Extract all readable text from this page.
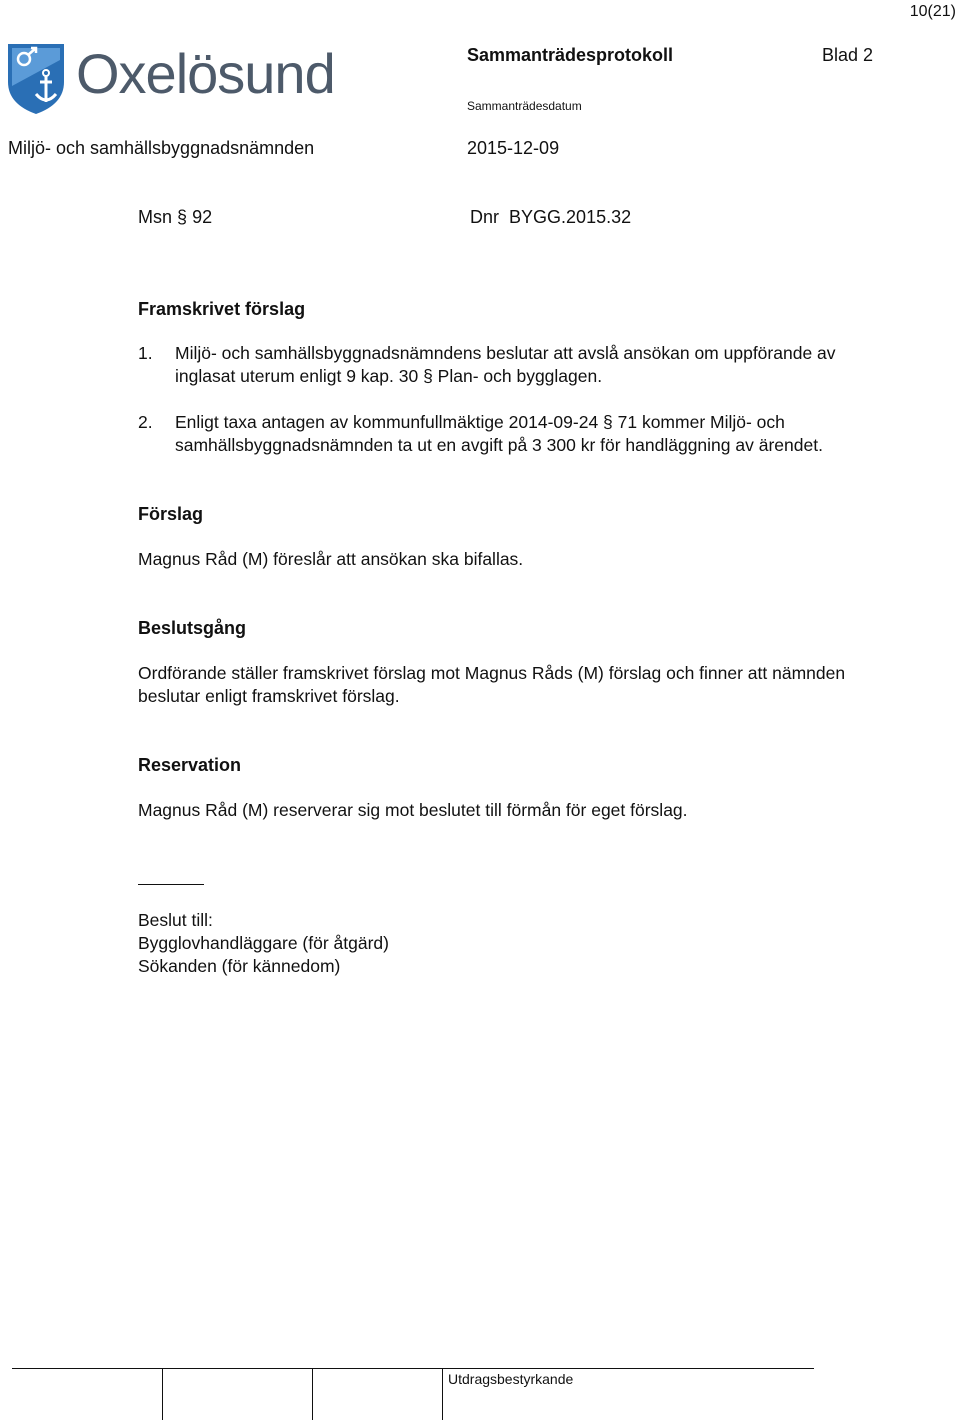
10(21)
Oxelösund	Sammanträdesprotokoll	Blad 2
Sammanträdesdatum
Miljö- och samhällsbyggnadsnämnden	2015-12-09
Msn § 92	Dnr BYGG.2015.32
Framskrivet förslag
1. Miljö- och samhällsbyggnadsnämndens beslutar att avslå ansökan om uppförande av inglasat uterum enligt 9 kap. 30 § Plan- och bygglagen.
2. Enligt taxa antagen av kommunfullmäktige 2014-09-24 § 71 kommer Miljö- och samhällsbyggnadsnämnden ta ut en avgift på 3 300 kr för handläggning av ärendet.
Förslag

Magnus Råd (M) föreslår att ansökan ska bifallas.

Beslutsgång

Ordförande ställer framskrivet förslag mot Magnus Råds (M) förslag och finner att nämnden beslutar enligt framskrivet förslag.

Reservation

Magnus Råd (M) reserverar sig mot beslutet till förmån för eget förslag.

Beslut till:

Bygglovhandläggare (för åtgärd)

Sökanden (för kännedom)

Utdragsbestyrkande
